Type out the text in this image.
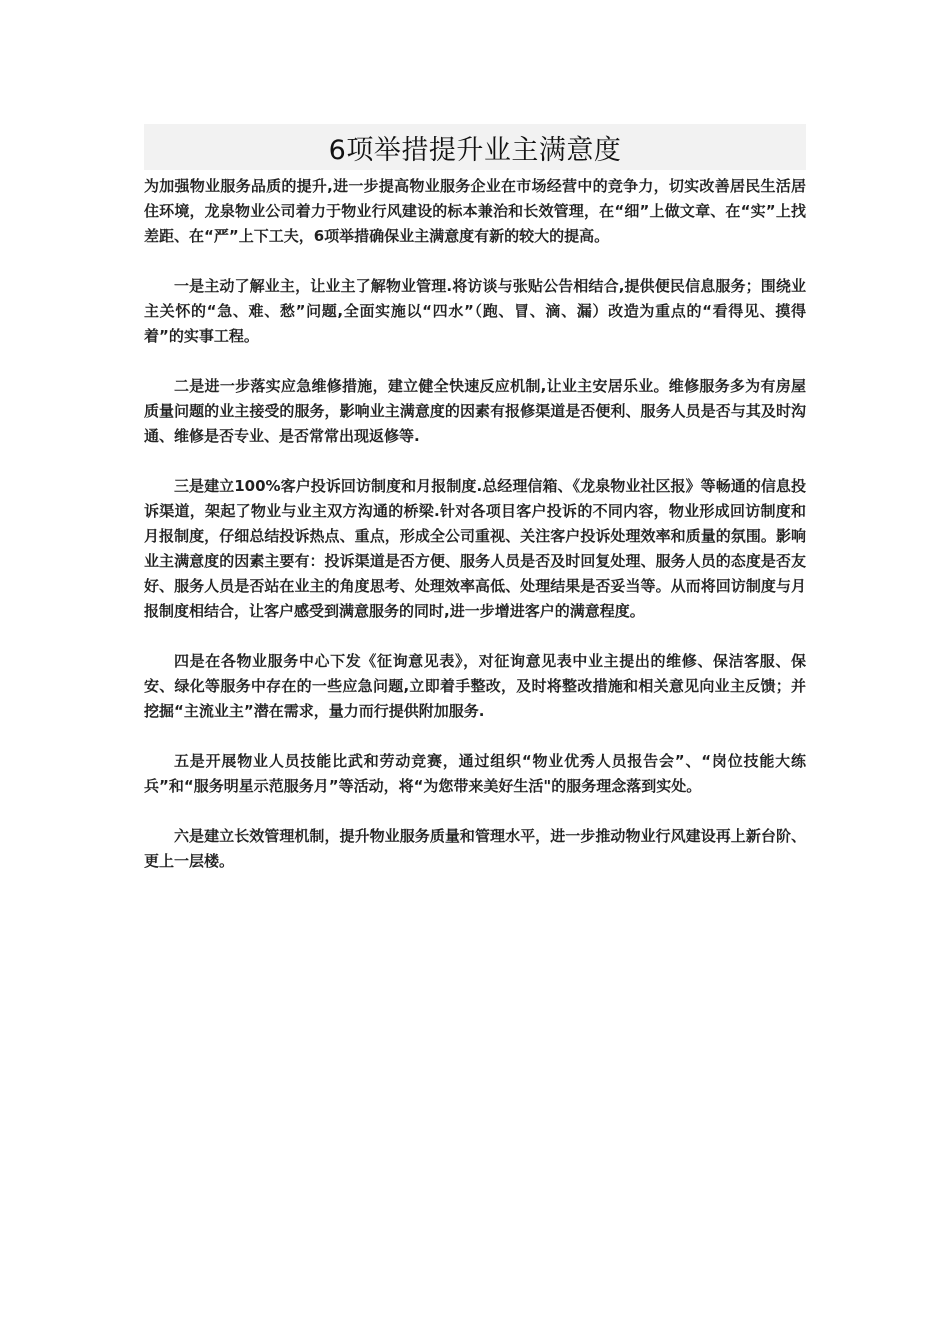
6项举措提升业主满意度

为加强物业服务品质的提升,进一步提高物业服务企业在市场经营中的竞争力，切实改善居民生活居住环境，龙泉物业公司着力于物业行风建设的标本兼治和长效管理，在“细”上做文章、在“实”上找差距、在“严”上下工夫，6项举措确保业主满意度有新的较大的提高。

一是主动了解业主，让业主了解物业管理.将访谈与张贴公告相结合,提供便民信息服务；围绕业主关怀的“急、难、愁”问题,全面实施以“四水”（跑、冒、滴、漏）改造为重点的“看得见、摸得着”的实事工程。

二是进一步落实应急维修措施，建立健全快速反应机制,让业主安居乐业。维修服务多为有房屋质量问题的业主接受的服务，影响业主满意度的因素有报修渠道是否便利、服务人员是否与其及时沟通、维修是否专业、是否常常出现返修等.

三是建立100%客户投诉回访制度和月报制度.总经理信箱、《龙泉物业社区报》等畅通的信息投诉渠道，架起了物业与业主双方沟通的桥梁.针对各项目客户投诉的不同内容，物业形成回访制度和月报制度，仔细总结投诉热点、重点，形成全公司重视、关注客户投诉处理效率和质量的氛围。影响业主满意度的因素主要有：投诉渠道是否方便、服务人员是否及时回复处理、服务人员的态度是否友好、服务人员是否站在业主的角度思考、处理效率高低、处理结果是否妥当等。从而将回访制度与月报制度相结合，让客户感受到满意服务的同时,进一步增进客户的满意程度。

四是在各物业服务中心下发《征询意见表》，对征询意见表中业主提出的维修、保洁客服、保安、绿化等服务中存在的一些应急问题,立即着手整改，及时将整改措施和相关意见向业主反馈；并挖掘“主流业主”潜在需求，量力而行提供附加服务.

五是开展物业人员技能比武和劳动竞赛，通过组织“物业优秀人员报告会”、“岗位技能大练兵”和“服务明星示范服务月”等活动，将“为您带来美好生活"的服务理念落到实处。

六是建立长效管理机制，提升物业服务质量和管理水平，进一步推动物业行风建设再上新台阶、更上一层楼。
